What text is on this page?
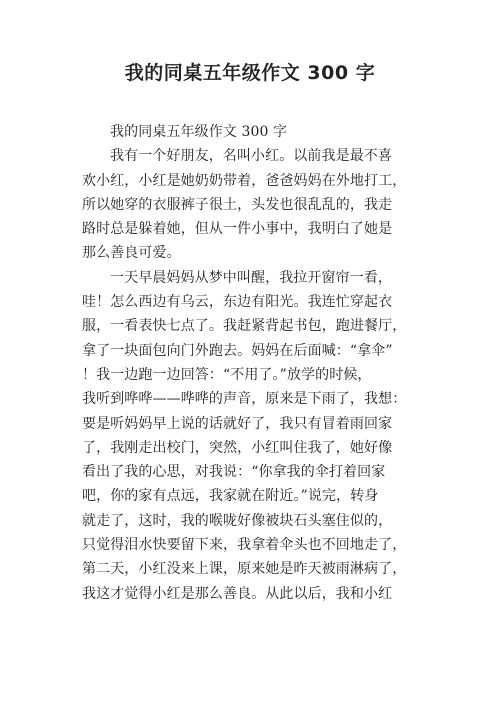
我的同桌五年级作文 300 字
我的同桌五年级作文 300 字
我有一个好朋友，名叫小红。以前我是最不喜
欢小红，小红是她奶奶带着，爸爸妈妈在外地打工，
所以她穿的衣服裤子很土，头发也很乱乱的，我走
路时总是躲着她，但从一件小事中，我明白了她是
那么善良可爱。
一天早晨妈妈从梦中叫醒，我拉开窗帘一看，
哇！怎么西边有乌云，东边有阳光。我连忙穿起衣
服，一看表快七点了。我赶紧背起书包，跑进餐厅，
拿了一块面包向门外跑去。妈妈在后面喊：“拿伞”
！我一边跑一边回答：“不用了。”放学的时候，
我听到哗哗——哗哗的声音，原来是下雨了，我想：
要是听妈妈早上说的话就好了，我只有冒着雨回家
了，我刚走出校门，突然，小红叫住我了，她好像
看出了我的心思，对我说：“你拿我的伞打着回家
吧，你的家有点远，我家就在附近。”说完，转身
就走了，这时，我的喉咙好像被块石头塞住似的，
只觉得泪水快要留下来，我拿着伞头也不回地走了，
第二天，小红没来上课，原来她是昨天被雨淋病了，
我这才觉得小红是那么善良。从此以后，我和小红
